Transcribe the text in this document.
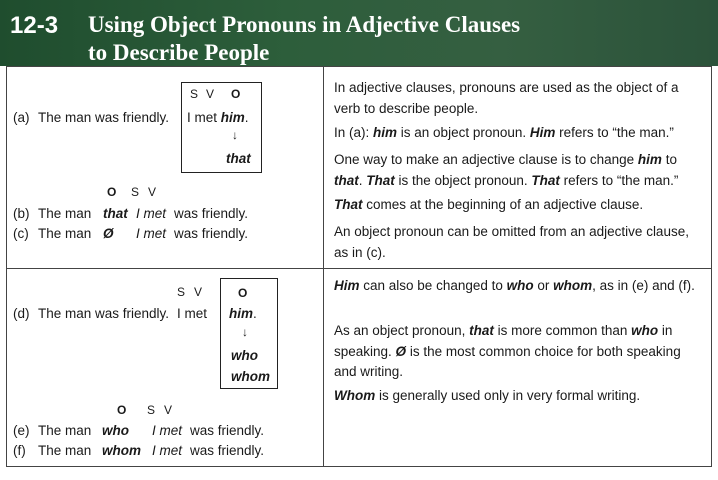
12-3 Using Object Pronouns in Adjective Clauses
to Describe People
(a) The man was friendly.
S V O
I met him.
↓
that
O S V
(b) The man that I met was friendly.
(c) The man Ø I met was friendly.
In adjective clauses, pronouns are used as the object of a verb to describe people.
In (a): him is an object pronoun. Him refers to “the man.”
One way to make an adjective clause is to change him to that. That is the object pronoun. That refers to “the man.”
That comes at the beginning of an adjective clause.
An object pronoun can be omitted from an adjective clause, as in (c).
S V	O
(d) The man was friendly. I met him.
↓
who
whom
O S V
(e) The man who I met was friendly.
(f) The man whom I met was friendly.
Him can also be changed to who or whom, as in (e) and (f).
As an object pronoun, that is more common than who in speaking. Ø is the most common choice for both speaking and writing.
Whom is generally used only in very formal writing.
